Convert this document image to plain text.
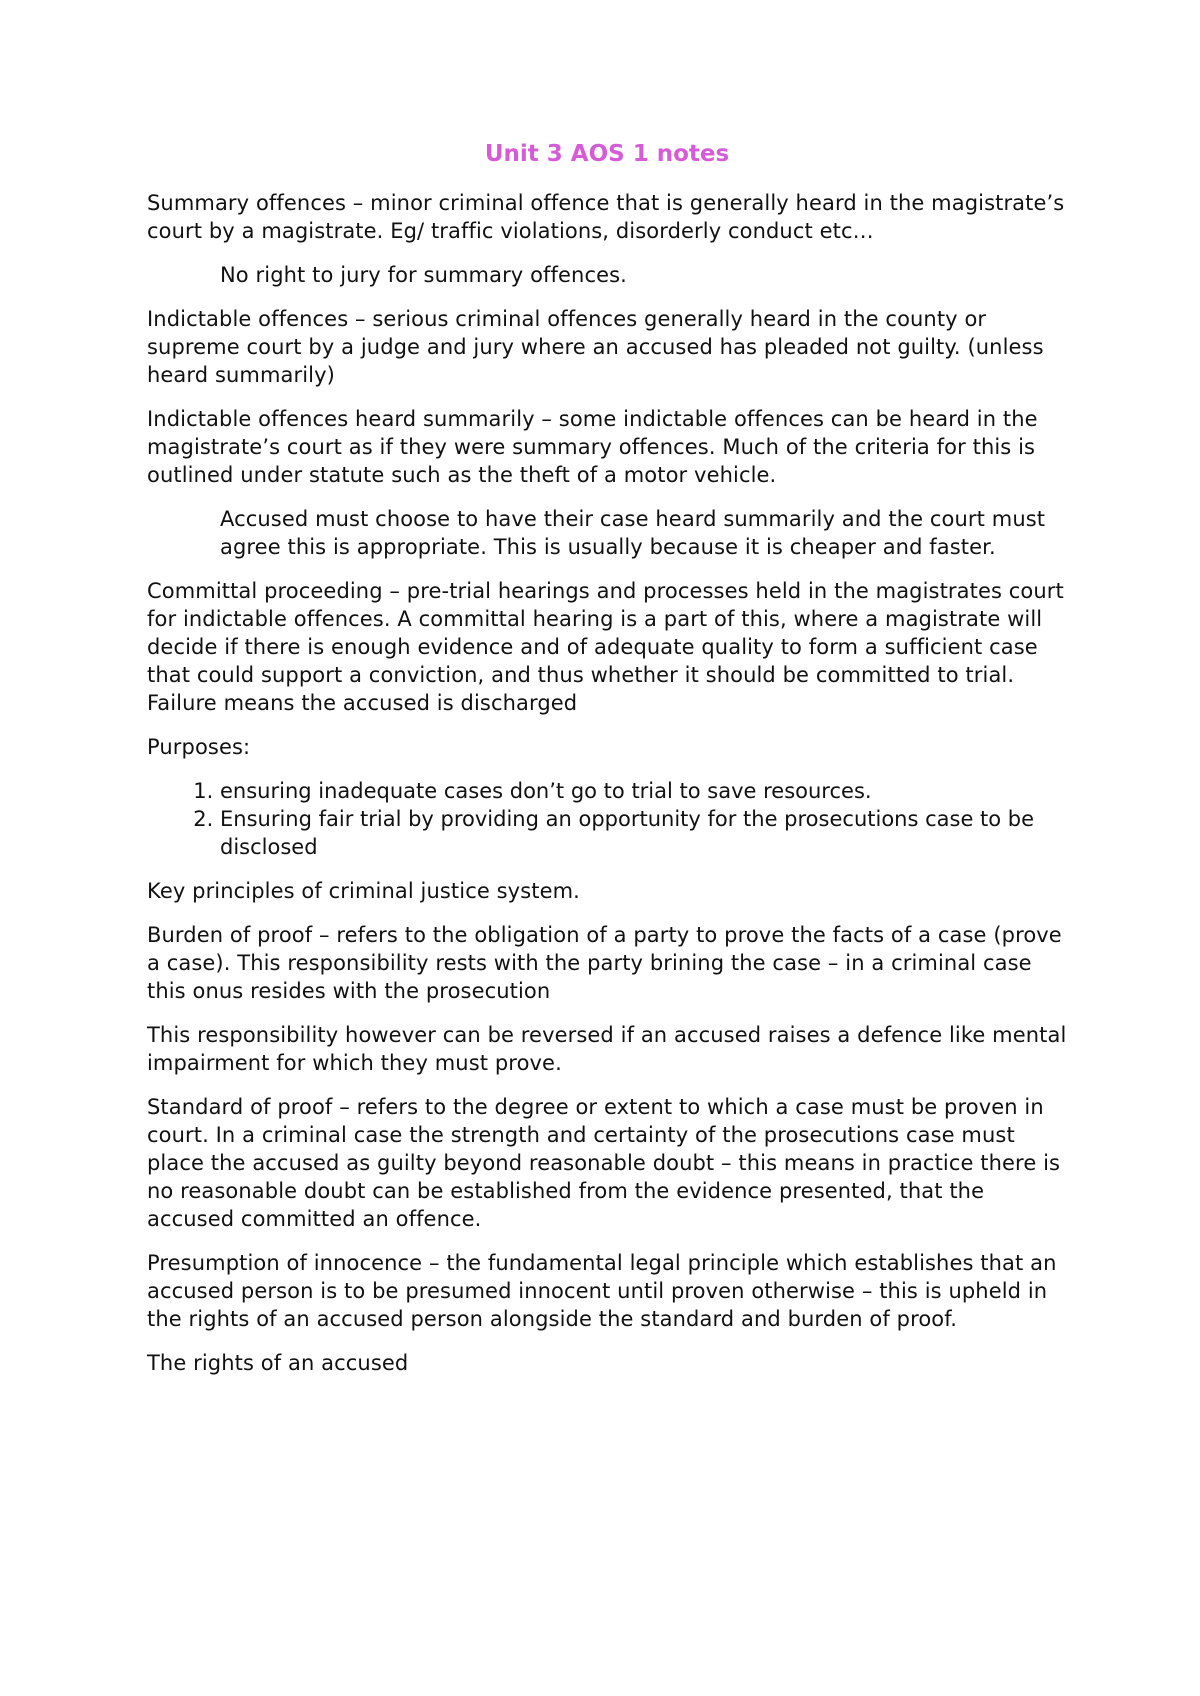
Unit 3 AOS 1 notes

Summary offences – minor criminal offence that is generally heard in the magistrate’s court by a magistrate. Eg/ traffic violations, disorderly conduct etc…

No right to jury for summary offences.

Indictable offences – serious criminal offences generally heard in the county or supreme court by a judge and jury where an accused has pleaded not guilty. (unless heard summarily)

Indictable offences heard summarily – some indictable offences can be heard in the magistrate’s court as if they were summary offences. Much of the criteria for this is outlined under statute such as the theft of a motor vehicle.

Accused must choose to have their case heard summarily and the court must agree this is appropriate. This is usually because it is cheaper and faster.

Committal proceeding – pre-trial hearings and processes held in the magistrates court for indictable offences. A committal hearing is a part of this, where a magistrate will decide if there is enough evidence and of adequate quality to form a sufficient case that could support a conviction, and thus whether it should be committed to trial. Failure means the accused is discharged

Purposes:

1. ensuring inadequate cases don’t go to trial to save resources.
2. Ensuring fair trial by providing an opportunity for the prosecutions case to be disclosed

Key principles of criminal justice system.

Burden of proof – refers to the obligation of a party to prove the facts of a case (prove a case). This responsibility rests with the party brining the case – in a criminal case this onus resides with the prosecution

This responsibility however can be reversed if an accused raises a defence like mental impairment for which they must prove.

Standard of proof – refers to the degree or extent to which a case must be proven in court. In a criminal case the strength and certainty of the prosecutions case must place the accused as guilty beyond reasonable doubt – this means in practice there is no reasonable doubt can be established from the evidence presented, that the accused committed an offence.

Presumption of innocence – the fundamental legal principle which establishes that an accused person is to be presumed innocent until proven otherwise – this is upheld in the rights of an accused person alongside the standard and burden of proof.

The rights of an accused
